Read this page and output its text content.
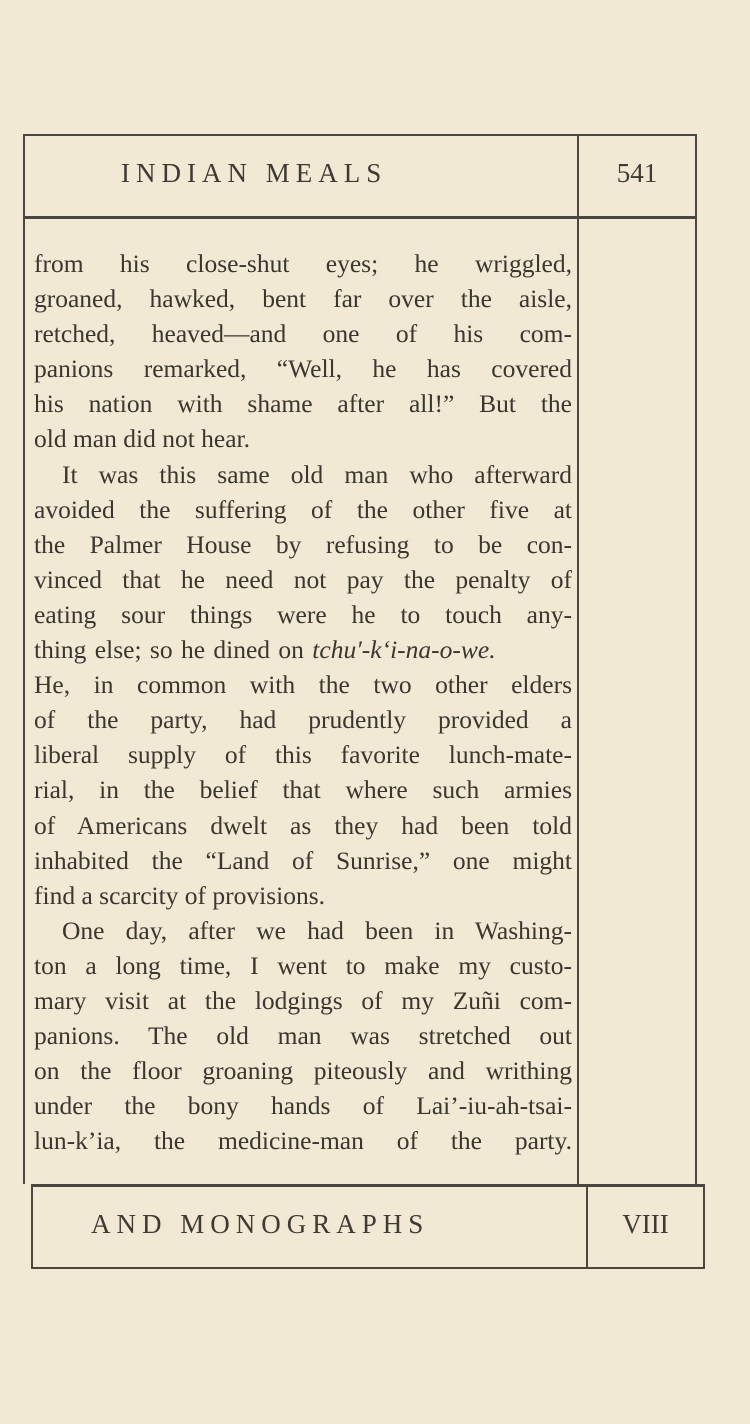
INDIAN MEALS	541
from his close-shut eyes; he wriggled,
groaned, hawked, bent far over the aisle,
retched, heaved—and one of his com-
panions remarked, “Well, he has covered
his nation with shame after all!” But the
old man did not hear.
It was this same old man who afterward
avoided the suffering of the other five at
the Palmer House by refusing to be con-
vinced that he need not pay the penalty of
eating sour things were he to touch any-
thing else; so he dined on tchu′-k‘i-na-o-we.
He, in common with the two other elders
of the party, had prudently provided a
liberal supply of this favorite lunch-mate-
rial, in the belief that where such armies
of Americans dwelt as they had been told
inhabited the “Land of Sunrise,” one might
find a scarcity of provisions.
One day, after we had been in Washing-
ton a long time, I went to make my custo-
mary visit at the lodgings of my Zuñi com-
panions. The old man was stretched out
on the floor groaning piteously and writhing
under the bony hands of Lai’-iu-ah-tsai-
lun-k’ia, the medicine-man of the party.
AND MONOGRAPHS	VIII
